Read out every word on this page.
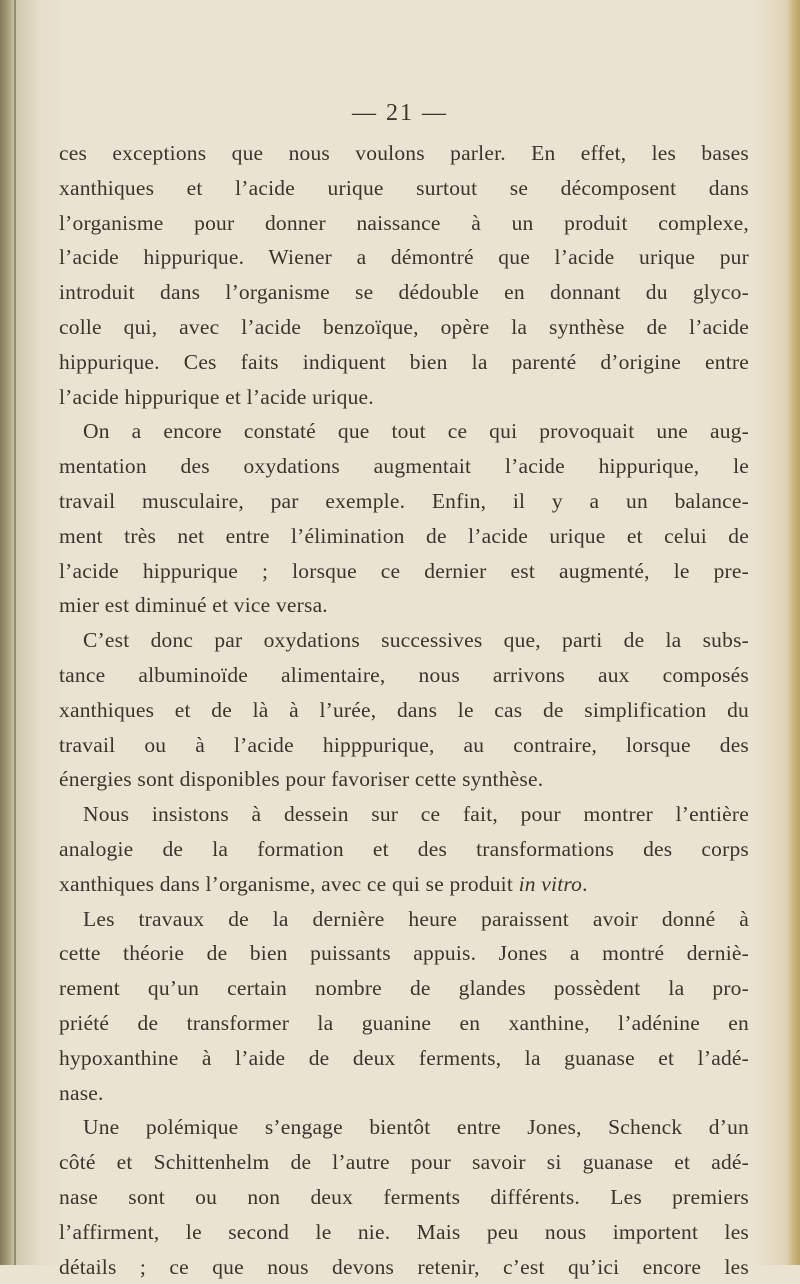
— 21 —
ces exceptions que nous voulons parler. En effet, les bases
xanthiques et l’acide urique surtout se décomposent dans
l’organisme pour donner naissance à un produit complexe,
l’acide hippurique. Wiener a démontré que l’acide urique pur
introduit dans l’organisme se dédouble en donnant du glyco-
colle qui, avec l’acide benzoïque, opère la synthèse de l’acide
hippurique. Ces faits indiquent bien la parenté d’origine entre
l’acide hippurique et l’acide urique.
On a encore constaté que tout ce qui provoquait une aug-
mentation des oxydations augmentait l’acide hippurique, le
travail musculaire, par exemple. Enfin, il y a un balance-
ment très net entre l’élimination de l’acide urique et celui de
l’acide hippurique ; lorsque ce dernier est augmenté, le pre-
mier est diminué et vice versa.
C’est donc par oxydations successives que, parti de la subs-
tance albuminoïde alimentaire, nous arrivons aux composés
xanthiques et de là à l’urée, dans le cas de simplification du
travail ou à l’acide hipppurique, au contraire, lorsque des
énergies sont disponibles pour favoriser cette synthèse.
Nous insistons à dessein sur ce fait, pour montrer l’entière
analogie de la formation et des transformations des corps
xanthiques dans l’organisme, avec ce qui se produit in vitro.
Les travaux de la dernière heure paraissent avoir donné à
cette théorie de bien puissants appuis. Jones a montré derniè-
rement qu’un certain nombre de glandes possèdent la pro-
priété de transformer la guanine en xanthine, l’adénine en
hypoxanthine à l’aide de deux ferments, la guanase et l’adé-
nase.
Une polémique s’engage bientôt entre Jones, Schenck d’un
côté et Schittenhelm de l’autre pour savoir si guanase et adé-
nase sont ou non deux ferments différents. Les premiers
l’affirment, le second le nie. Mais peu nous importent les
détails ; ce que nous devons retenir, c’est qu’ici encore les
